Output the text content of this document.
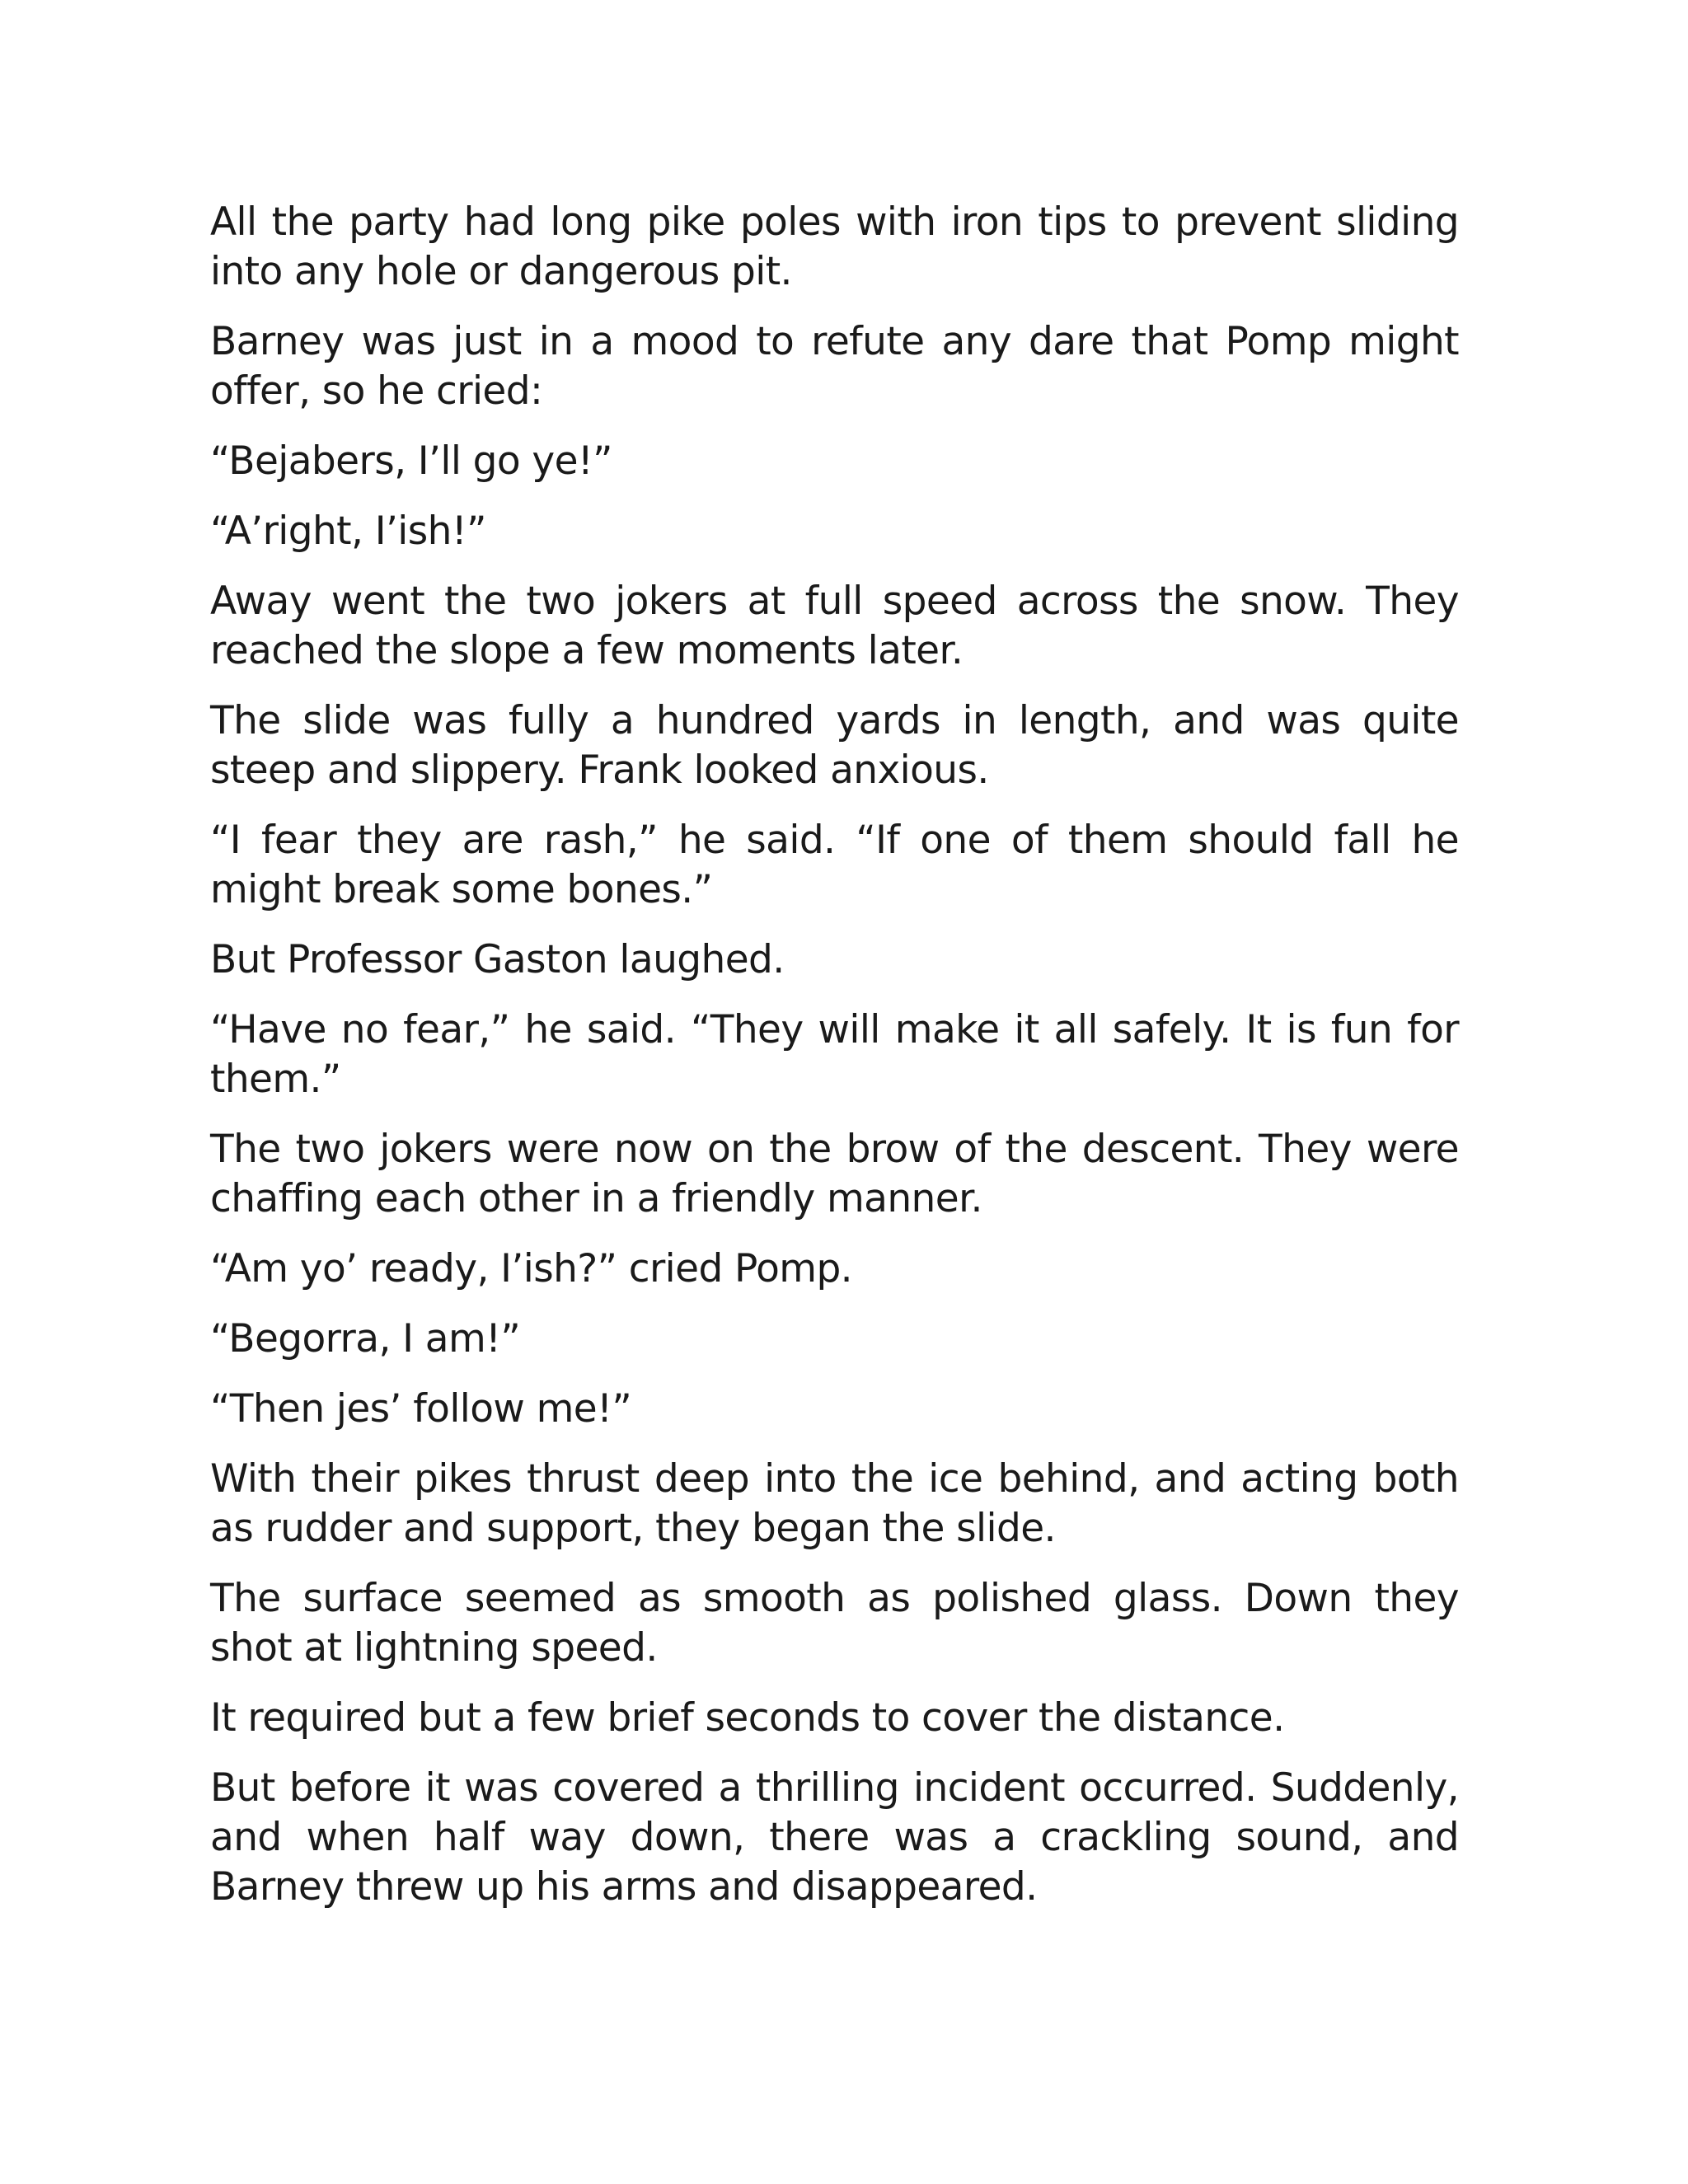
All the party had long pike poles with iron tips to prevent sliding into any hole or dangerous pit.

Barney was just in a mood to refute any dare that Pomp might offer, so he cried:

“Bejabers, I’ll go ye!”

“A’right, I’ish!”

Away went the two jokers at full speed across the snow. They reached the slope a few moments later.

The slide was fully a hundred yards in length, and was quite steep and slippery. Frank looked anxious.

“I fear they are rash,” he said. “If one of them should fall he might break some bones.”

But Professor Gaston laughed.

“Have no fear,” he said. “They will make it all safely. It is fun for them.”

The two jokers were now on the brow of the descent. They were chaffing each other in a friendly manner.

“Am yo’ ready, I’ish?” cried Pomp.

“Begorra, I am!”

“Then jes’ follow me!”

With their pikes thrust deep into the ice behind, and acting both as rudder and support, they began the slide.

The surface seemed as smooth as polished glass. Down they shot at lightning speed.

It required but a few brief seconds to cover the distance.

But before it was covered a thrilling incident occurred. Suddenly, and when half way down, there was a crackling sound, and Barney threw up his arms and disappeared.
